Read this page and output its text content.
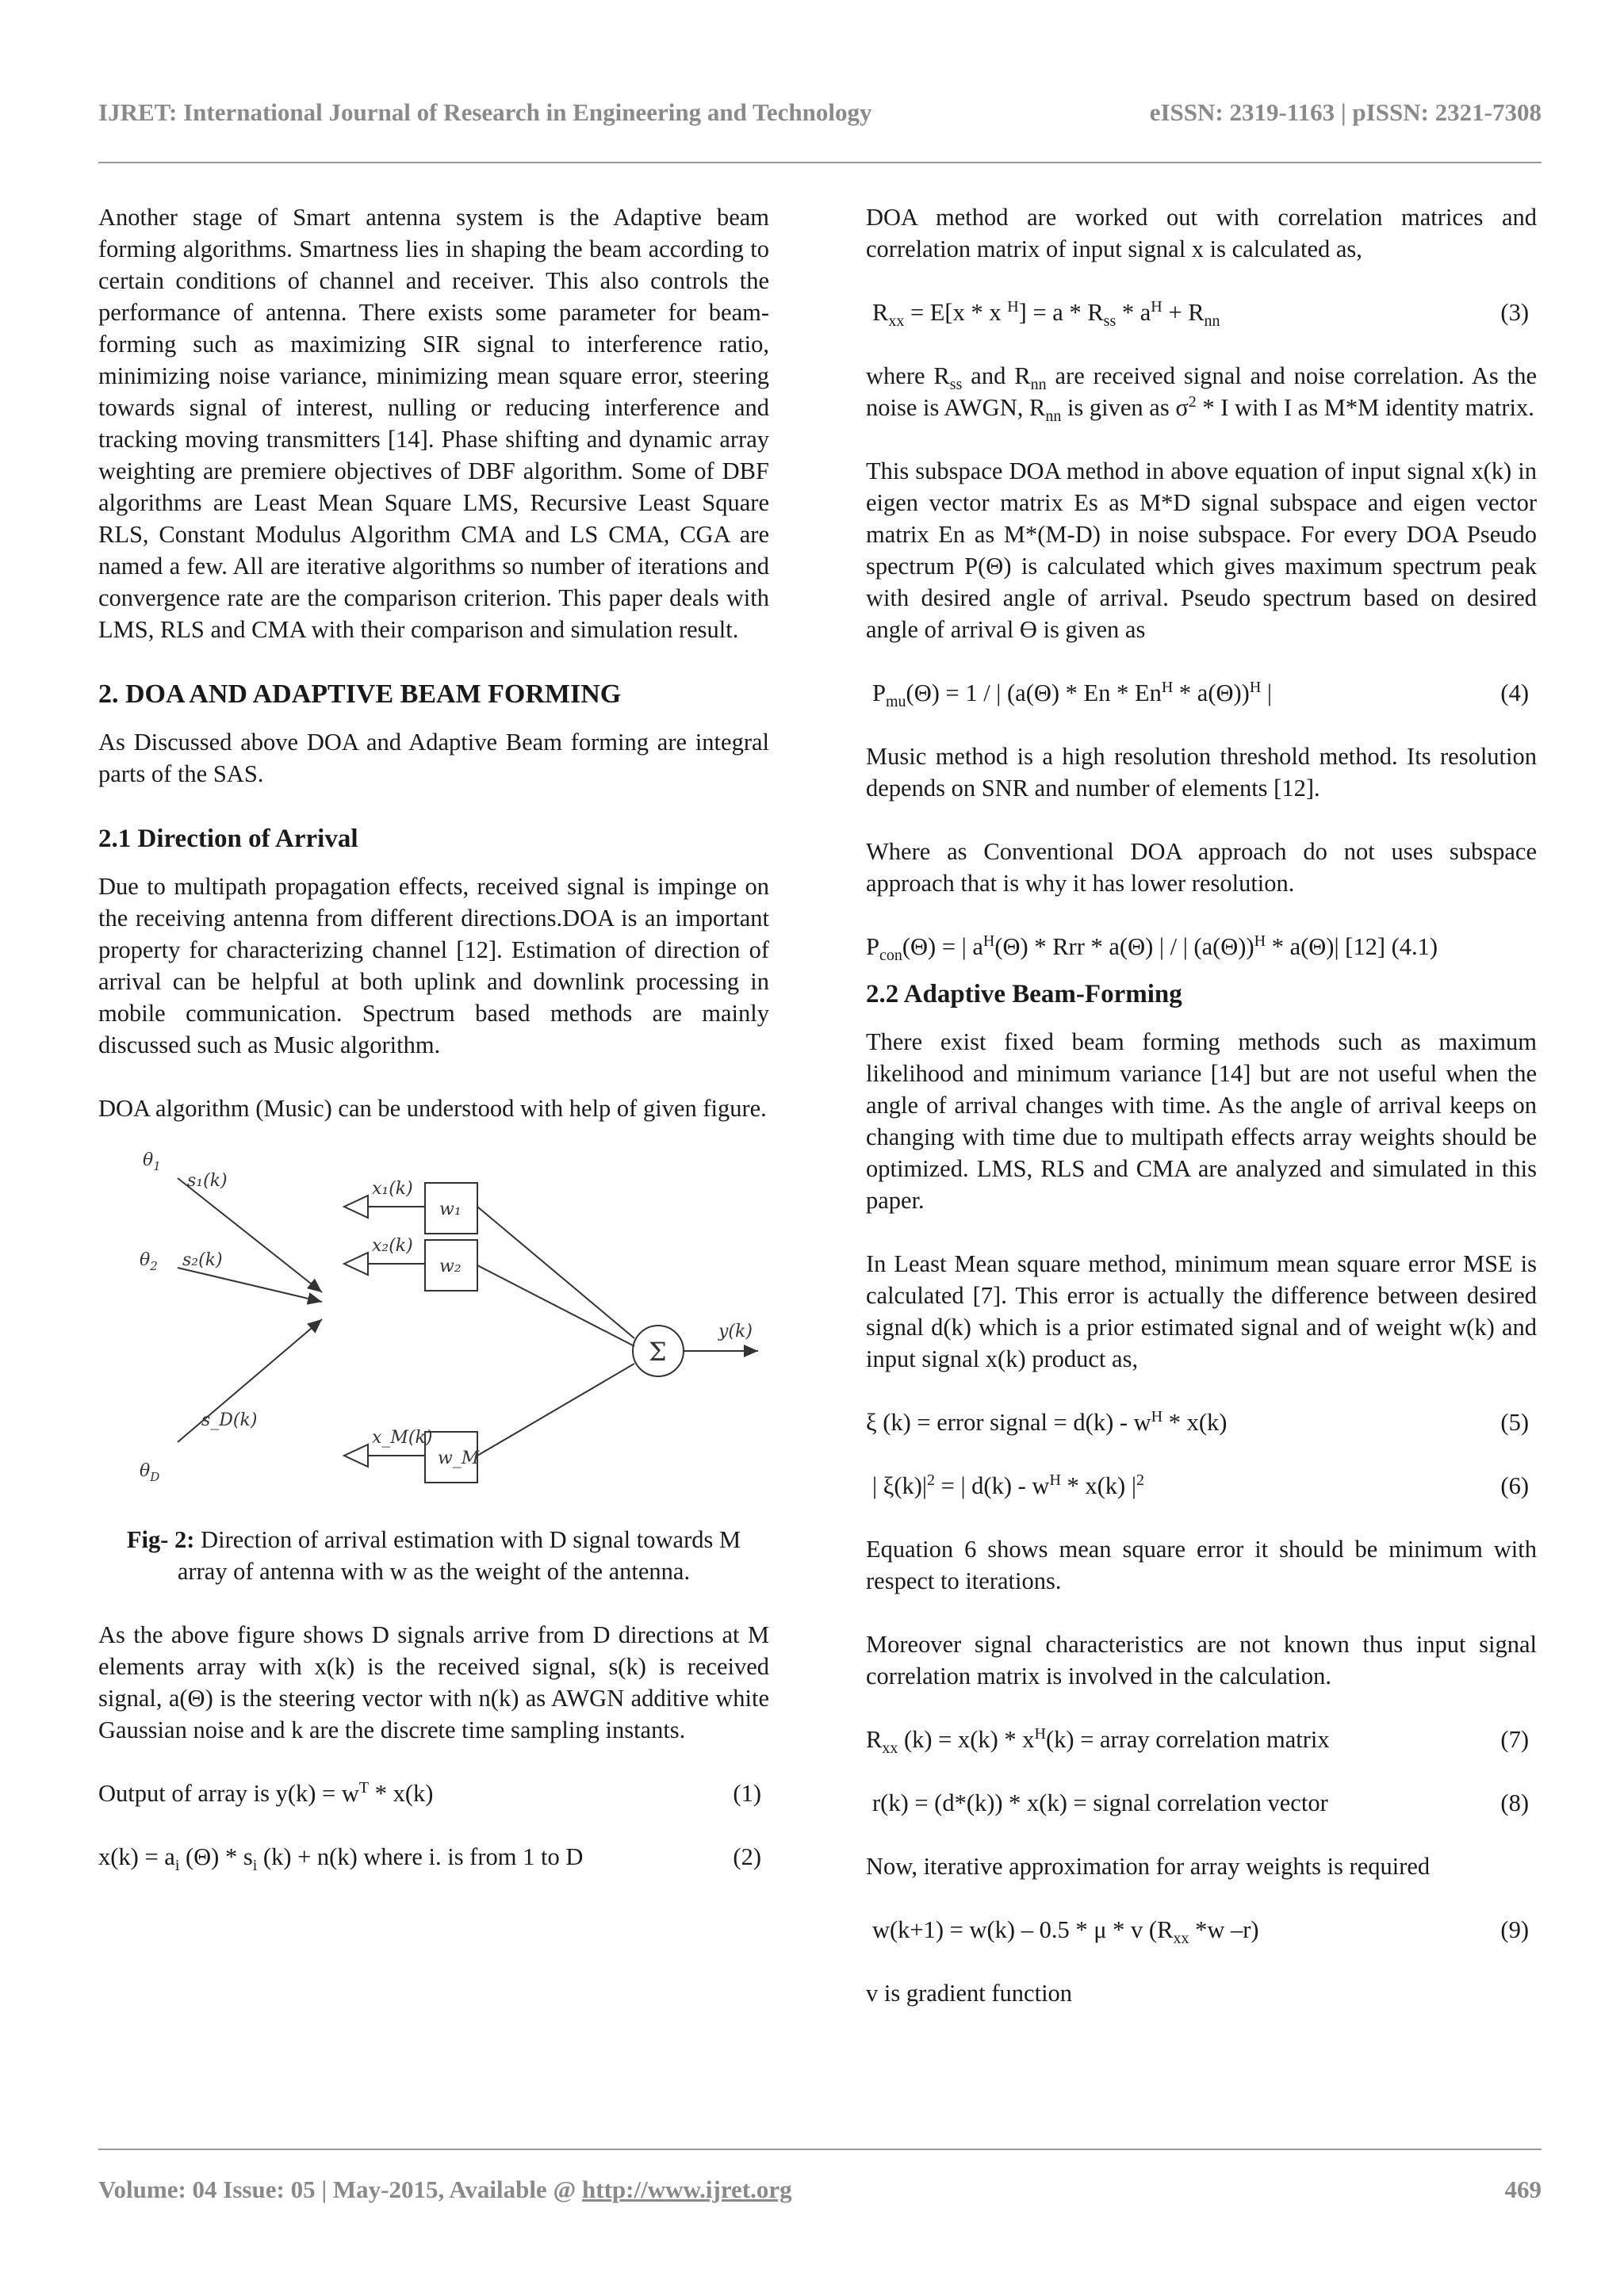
IJRET: International Journal of Research in Engineering and Technology	eISSN: 2319-1163 | pISSN: 2321-7308

Another stage of Smart antenna system is the Adaptive beam forming algorithms. Smartness lies in shaping the beam according to certain conditions of channel and receiver. This also controls the performance of antenna. There exists some parameter for beam-forming such as maximizing SIR signal to interference ratio, minimizing noise variance, minimizing mean square error, steering towards signal of interest, nulling or reducing interference and tracking moving transmitters [14]. Phase shifting and dynamic array weighting are premiere objectives of DBF algorithm. Some of DBF algorithms are Least Mean Square LMS, Recursive Least Square RLS, Constant Modulus Algorithm CMA and LS CMA, CGA are named a few. All are iterative algorithms so number of iterations and convergence rate are the comparison criterion. This paper deals with LMS, RLS and CMA with their comparison and simulation result.

2. DOA AND ADAPTIVE BEAM FORMING

As Discussed above DOA and Adaptive Beam forming are integral parts of the SAS.

2.1 Direction of Arrival

Due to multipath propagation effects, received signal is impinge on the receiving antenna from different directions.DOA is an important property for characterizing channel [12]. Estimation of direction of arrival can be helpful at both uplink and downlink processing in mobile communication. Spectrum based methods are mainly discussed such as Music algorithm.

DOA algorithm (Music) can be understood with help of given figure.

$\theta_1$
$\theta_2$
$\theta_D$
s₁(k)
s₂(k)
s_D(k)
x₁(k)
x₂(k)
x_M(k)
w₁
w₂
w_M
Σ
y(k)

Fig- 2: Direction of arrival estimation with D signal towards M array of antenna with w as the weight of the antenna.

As the above figure shows D signals arrive from D directions at M elements array with x(k) is the received signal, s(k) is received signal, a(Θ) is the steering vector with n(k) as AWGN additive white Gaussian noise and k are the discrete time sampling instants.

Output of array is $y(k) = w^T * x(k)$	(1)
$x(k) = a_i$ $(\Theta) * s_i$ (k) + n(k) where i. is from 1 to D	(2)

DOA method are worked out with correlation matrices and correlation matrix of input signal x is calculated as,

$R_{xx} = E[x * x$ $^H] = a * R_{ss} * a^H + R_{nn}$	(3)

where $R_{ss}$ and $R_{nn}$ are received signal and noise correlation. As the noise is AWGN, $R_{nn}$ is given as $\sigma^2$ * I with I as M*M identity matrix.

This subspace DOA method in above equation of input signal x(k) in eigen vector matrix Es as M*D signal subspace and eigen vector matrix En as M*(M-D) in noise subspace. For every DOA Pseudo spectrum P(Θ) is calculated which gives maximum spectrum peak with desired angle of arrival. Pseudo spectrum based on desired angle of arrival Ө is given as

$P_{mu}(\Theta) = 1$ / | (a(Θ) * En * $En^H * a(\Theta))^H$ |	(4)

Music method is a high resolution threshold method. Its resolution depends on SNR and number of elements [12].

Where as Conventional DOA approach do not uses subspace approach that is why it has lower resolution.

$P_{con}(\Theta)$ = | $a^H(\Theta)$ * Rrr * a(Θ) | / | $(a(\Theta))^H * a(\Theta)|$ [12] (4.1)
2.2 Adaptive Beam-Forming

There exist fixed beam forming methods such as maximum likelihood and minimum variance [14] but are not useful when the angle of arrival changes with time. As the angle of arrival keeps on changing with time due to multipath effects array weights should be optimized. LMS, RLS and CMA are analyzed and simulated in this paper.

In Least Mean square method, minimum mean square error MSE is calculated [7]. This error is actually the difference between desired signal d(k) which is a prior estimated signal and of weight w(k) and input signal x(k) product as,

ξ (k) = error signal = $d(k) - w^H * x(k)$	(5)
| $\xi(k)|^2$ = | $d(k) - w^H * x(k)$ $|^2$	(6)

Equation 6 shows mean square error it should be minimum with respect to iterations.

Moreover signal characteristics are not known thus input signal correlation matrix is involved in the calculation.

$R_{xx}$ $(k) = x(k) * x^H(k)$ = array correlation matrix	(7)
r(k) = (d*(k)) * x(k) = signal correlation vector	(8)

Now, iterative approximation for array weights is required

w(k+1) = w(k) – 0.5 * μ * ᴠ ($R_{xx}$ *w –r)	(9)

ᴠ is gradient function

Volume: 04 Issue: 05 | May-2015, Available @ http://www.ijret.org	469
